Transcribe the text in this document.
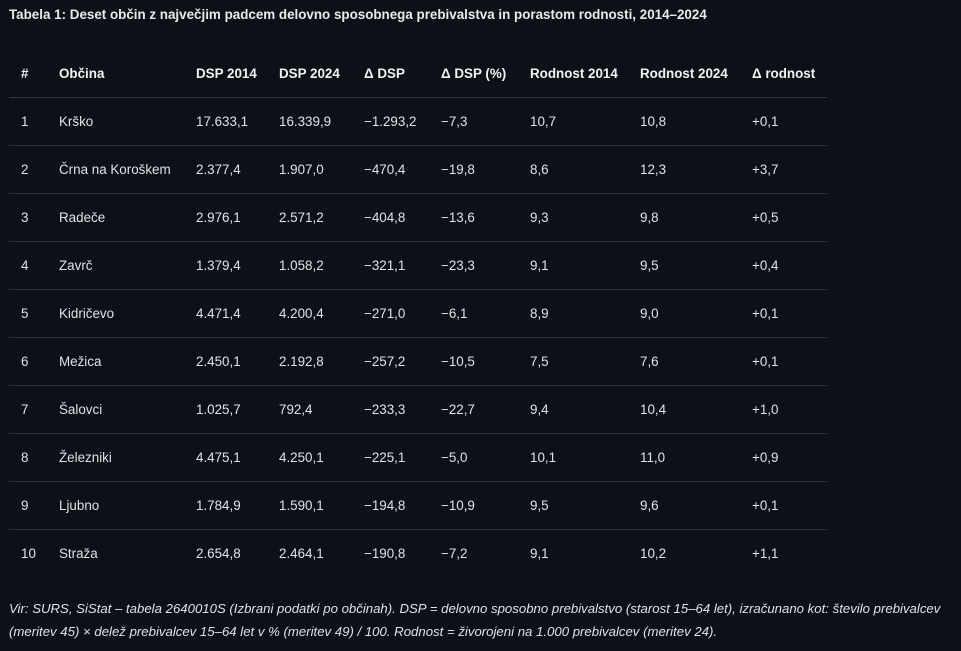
Tabela 1: Deset občin z največjim padcem delovno sposobnega prebivalstva in porastom rodnosti, 2014–2024
#	Občina	DSP 2014	DSP 2024	Δ DSP	Δ DSP (%)	Rodnost 2014	Rodnost 2024	Δ rodnost
1	Krško	17.633,1	16.339,9	−1.293,2	−7,3	10,7	10,8	+0,1
2	Črna na Koroškem	2.377,4	1.907,0	−470,4	−19,8	8,6	12,3	+3,7
3	Radeče	2.976,1	2.571,2	−404,8	−13,6	9,3	9,8	+0,5
4	Zavrč	1.379,4	1.058,2	−321,1	−23,3	9,1	9,5	+0,4
5	Kidričevo	4.471,4	4.200,4	−271,0	−6,1	8,9	9,0	+0,1
6	Mežica	2.450,1	2.192,8	−257,2	−10,5	7,5	7,6	+0,1
7	Šalovci	1.025,7	792,4	−233,3	−22,7	9,4	10,4	+1,0
8	Železniki	4.475,1	4.250,1	−225,1	−5,0	10,1	11,0	+0,9
9	Ljubno	1.784,9	1.590,1	−194,8	−10,9	9,5	9,6	+0,1
10	Straža	2.654,8	2.464,1	−190,8	−7,2	9,1	10,2	+1,1
Vir: SURS, SiStat – tabela 2640010S (Izbrani podatki po občinah). DSP = delovno sposobno prebivalstvo (starost 15–64 let), izračunano kot: število prebivalcev (meritev 45) × delež prebivalcev 15–64 let v % (meritev 49) / 100. Rodnost = živorojeni na 1.000 prebivalcev (meritev 24).
